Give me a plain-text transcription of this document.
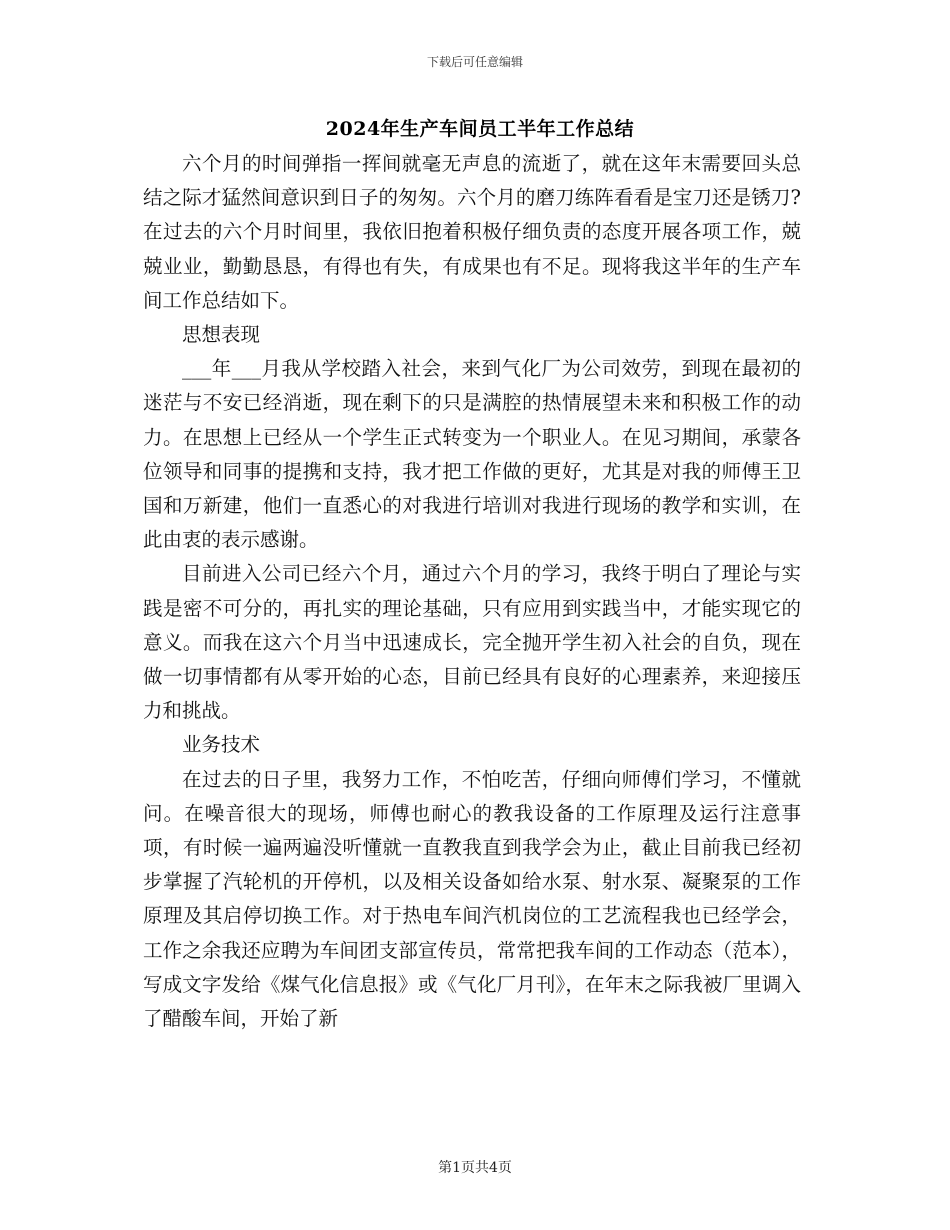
下载后可任意编辑
2024年生产车间员工半年工作总结

六个月的时间弹指一挥间就毫无声息的流逝了，就在这年末需要回头总结之际才猛然间意识到日子的匆匆。六个月的磨刀练阵看看是宝刀还是锈刀?在过去的六个月时间里，我依旧抱着积极仔细负责的态度开展各项工作，兢兢业业，勤勤恳恳，有得也有失，有成果也有不足。现将我这半年的生产车间工作总结如下。

思想表现

___年___月我从学校踏入社会，来到气化厂为公司效劳，到现在最初的迷茫与不安已经消逝，现在剩下的只是满腔的热情展望未来和积极工作的动力。在思想上已经从一个学生正式转变为一个职业人。在见习期间，承蒙各位领导和同事的提携和支持，我才把工作做的更好，尤其是对我的师傅王卫国和万新建，他们一直悉心的对我进行培训对我进行现场的教学和实训，在此由衷的表示感谢。

目前进入公司已经六个月，通过六个月的学习，我终于明白了理论与实践是密不可分的，再扎实的理论基础，只有应用到实践当中，才能实现它的意义。而我在这六个月当中迅速成长，完全抛开学生初入社会的自负，现在做一切事情都有从零开始的心态，目前已经具有良好的心理素养，来迎接压力和挑战。

业务技术

在过去的日子里，我努力工作，不怕吃苦，仔细向师傅们学习，不懂就问。在噪音很大的现场，师傅也耐心的教我设备的工作原理及运行注意事项，有时候一遍两遍没听懂就一直教我直到我学会为止，截止目前我已经初步掌握了汽轮机的开停机，以及相关设备如给水泵、射水泵、凝聚泵的工作原理及其启停切换工作。对于热电车间汽机岗位的工艺流程我也已经学会，工作之余我还应聘为车间团支部宣传员，常常把我车间的工作动态（范本），写成文字发给《煤气化信息报》或《气化厂月刊》，在年末之际我被厂里调入了醋酸车间，开始了新

第1页共4页
